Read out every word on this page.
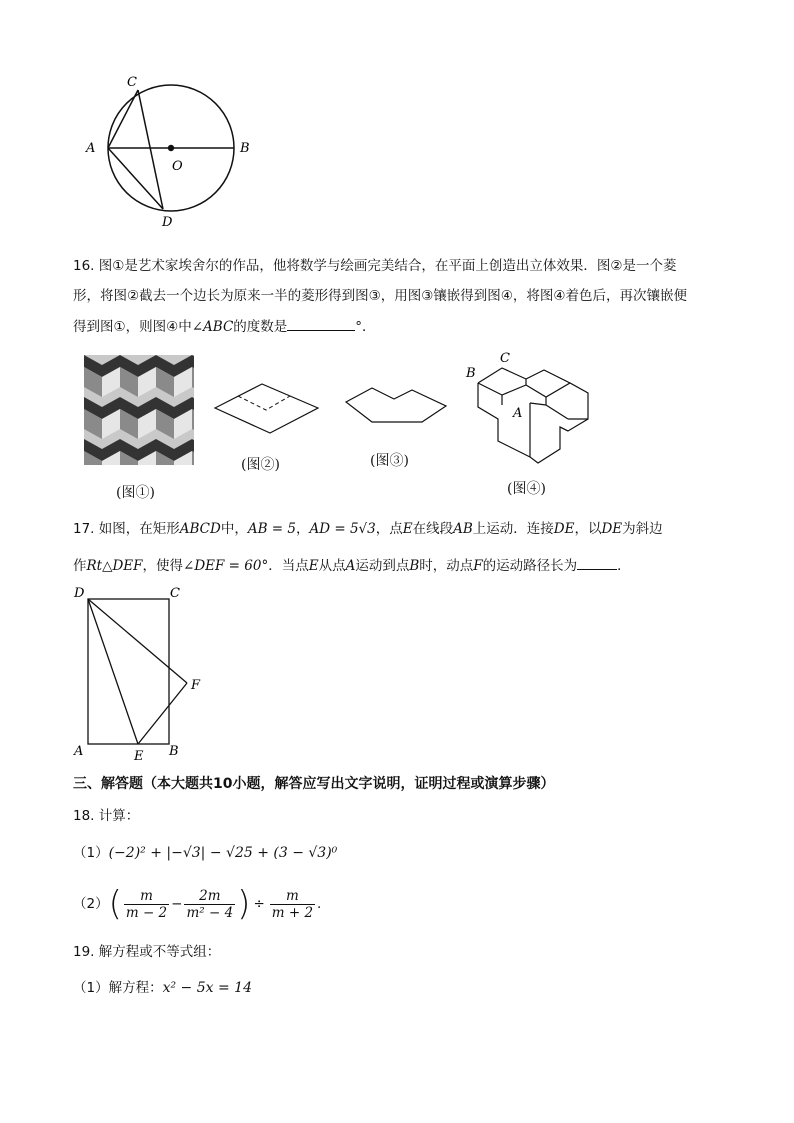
C
A	B
O
D
16. 图①是艺术家埃舍尔的作品，他将数学与绘画完美结合，在平面上创造出立体效果．图②是一个菱
形，将图②截去一个边长为原来一半的菱形得到图③，用图③镶嵌得到图④，将图④着色后，再次镶嵌便
得到图①，则图④中∠ABC的度数是	°．
(图①)
(图②)	(图③)
C
B
A
(图④)
17. 如图，在矩形ABCD中，AB = 5，AD = 5√3，点E在线段AB上运动．连接DE，以DE为斜边
作Rt△DEF，使得∠DEF = 60°．当点E从点A运动到点B时，动点F的运动路径长为	．
D	C
F
A	E B
三、解答题（本大题共10小题，解答应写出文字说明，证明过程或演算步骤）
18. 计算：
（1）(−2)² + |−√3| − √25 + (3 − √3)⁰
（2） ( $\frac{m}{m - 2} - \frac{2m}{\text{m² − 4}}$ ) ÷ $\frac{m}{m + 2}$ .
19. 解方程或不等式组：
（1）解方程：x² − 5x = 14
